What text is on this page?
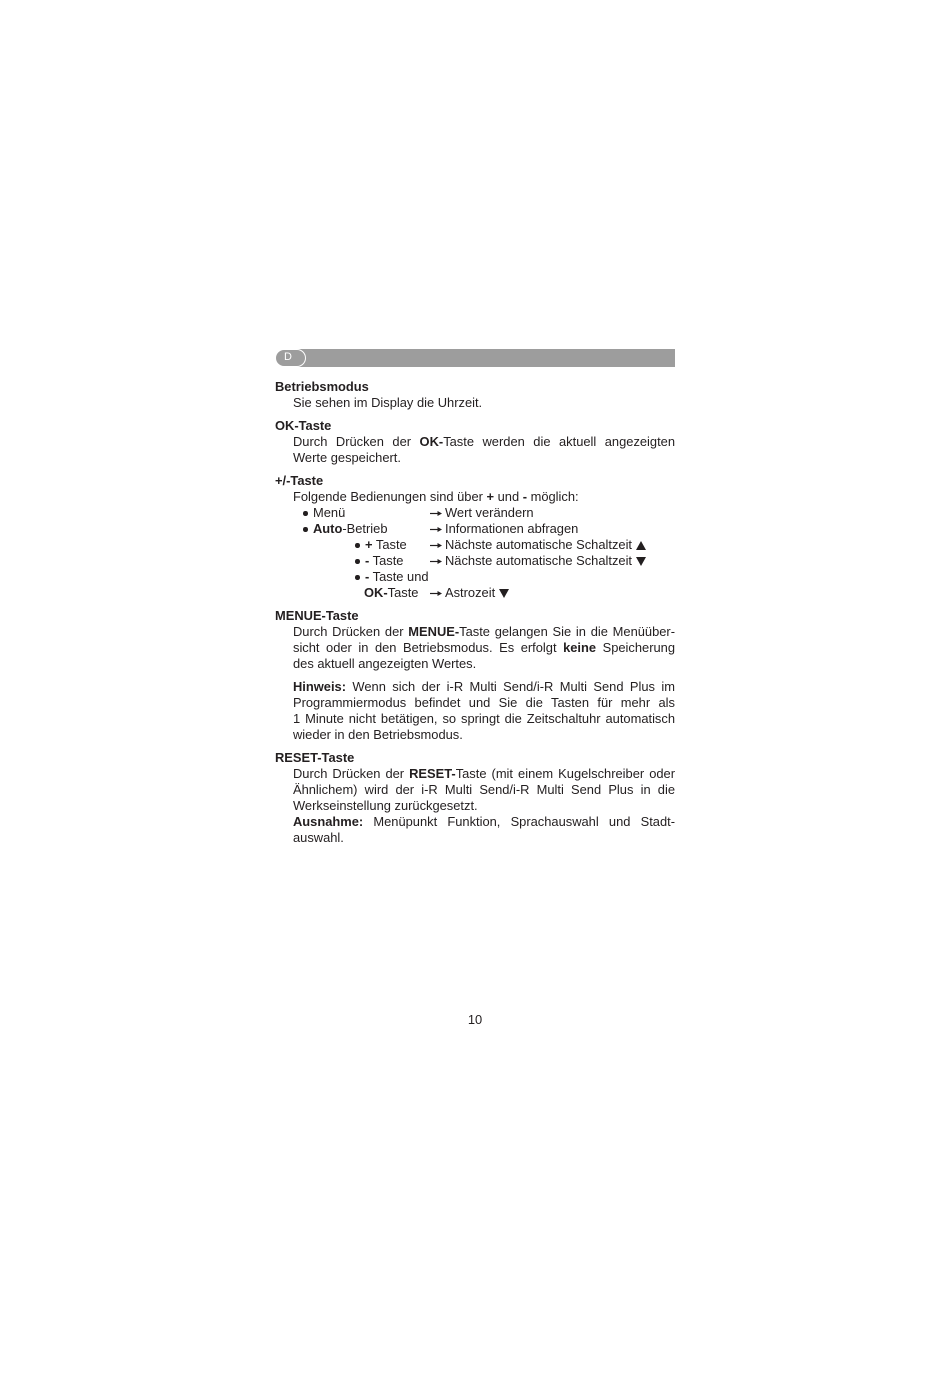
D
Betriebsmodus
Sie sehen im Display die Uhrzeit.
OK-Taste
Durch Drücken der OK-Taste werden die aktuell angezeigten
Werte gespeichert.
+/-Taste
Folgende Bedienungen sind über + und - möglich:
Menü	Wert verändern
Auto-Betrieb	Informationen abfragen
+ Taste	Nächste automatische Schaltzeit
- Taste	Nächste automatische Schaltzeit
- Taste und
OK-Taste Astrozeit
MENUE-Taste
Durch Drücken der MENUE-Taste gelangen Sie in die Menüüber-
sicht oder in den Betriebsmodus. Es erfolgt keine Speicherung
des aktuell angezeigten Wertes.
Hinweis: Wenn sich der i-R Multi Send/i-R Multi Send Plus im
Programmiermodus befindet und Sie die Tasten für mehr als
1 Minute nicht betätigen, so springt die Zeitschaltuhr automatisch
wieder in den Betriebsmodus.
RESET-Taste
Durch Drücken der RESET-Taste (mit einem Kugelschreiber oder
Ähnlichem) wird der i-R Multi Send/i-R Multi Send Plus in die
Werkseinstellung zurückgesetzt.
Ausnahme: Menüpunkt Funktion, Sprachauswahl und Stadt-
auswahl.
10
